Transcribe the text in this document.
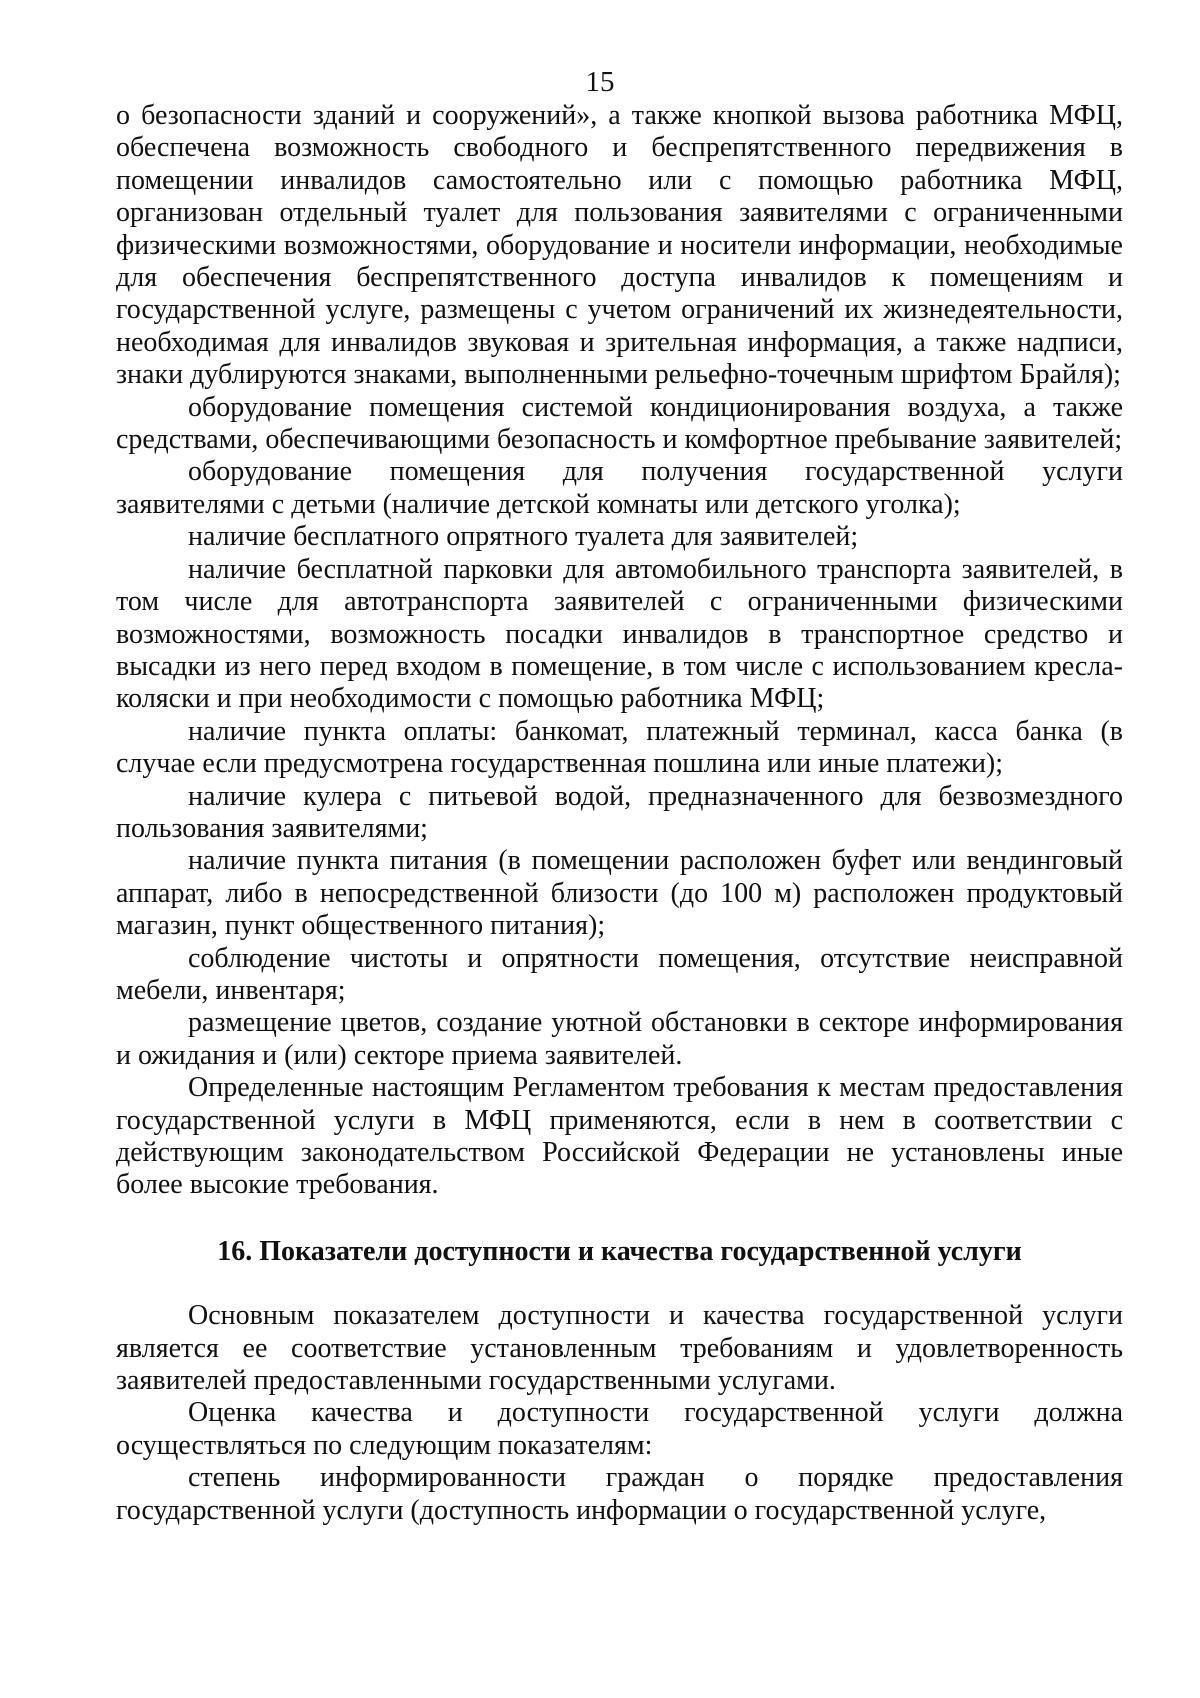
15

о безопасности зданий и сооружений», а также кнопкой вызова работника МФЦ, обеспечена возможность свободного и беспрепятственного передвижения в помещении инвалидов самостоятельно или с помощью работника МФЦ, организован отдельный туалет для пользования заявителями с ограниченными физическими возможностями, оборудование и носители информации, необходимые для обеспечения беспрепятственного доступа инвалидов к помещениям и государственной услуге, размещены с учетом ограничений их жизнедеятельности, необходимая для инвалидов звуковая и зрительная информация, а также надписи, знаки дублируются знаками, выполненными рельефно-точечным шрифтом Брайля);

оборудование помещения системой кондиционирования воздуха, а также средствами, обеспечивающими безопасность и комфортное пребывание заявителей;

оборудование помещения для получения государственной услуги заявителями с детьми (наличие детской комнаты или детского уголка);

наличие бесплатного опрятного туалета для заявителей;

наличие бесплатной парковки для автомобильного транспорта заявителей, в том числе для автотранспорта заявителей с ограниченными физическими возможностями, возможность посадки инвалидов в транспортное средство и высадки из него перед входом в помещение, в том числе с использованием кресла-коляски и при необходимости с помощью работника МФЦ;

наличие пункта оплаты: банкомат, платежный терминал, касса банка (в случае если предусмотрена государственная пошлина или иные платежи);

наличие кулера с питьевой водой, предназначенного для безвозмездного пользования заявителями;

наличие пункта питания (в помещении расположен буфет или вендинговый аппарат, либо в непосредственной близости (до 100 м) расположен продуктовый магазин, пункт общественного питания);

соблюдение чистоты и опрятности помещения, отсутствие неисправной мебели, инвентаря;

размещение цветов, создание уютной обстановки в секторе информирования и ожидания и (или) секторе приема заявителей.

Определенные настоящим Регламентом требования к местам предоставления государственной услуги в МФЦ применяются, если в нем в соответствии с действующим законодательством Российской Федерации не установлены иные более высокие требования.

16. Показатели доступности и качества государственной услуги

Основным показателем доступности и качества государственной услуги является ее соответствие установленным требованиям и удовлетворенность заявителей предоставленными государственными услугами.

Оценка качества и доступности государственной услуги должна осуществляться по следующим показателям:

степень информированности граждан о порядке предоставления государственной услуги (доступность информации о государственной услуге,
